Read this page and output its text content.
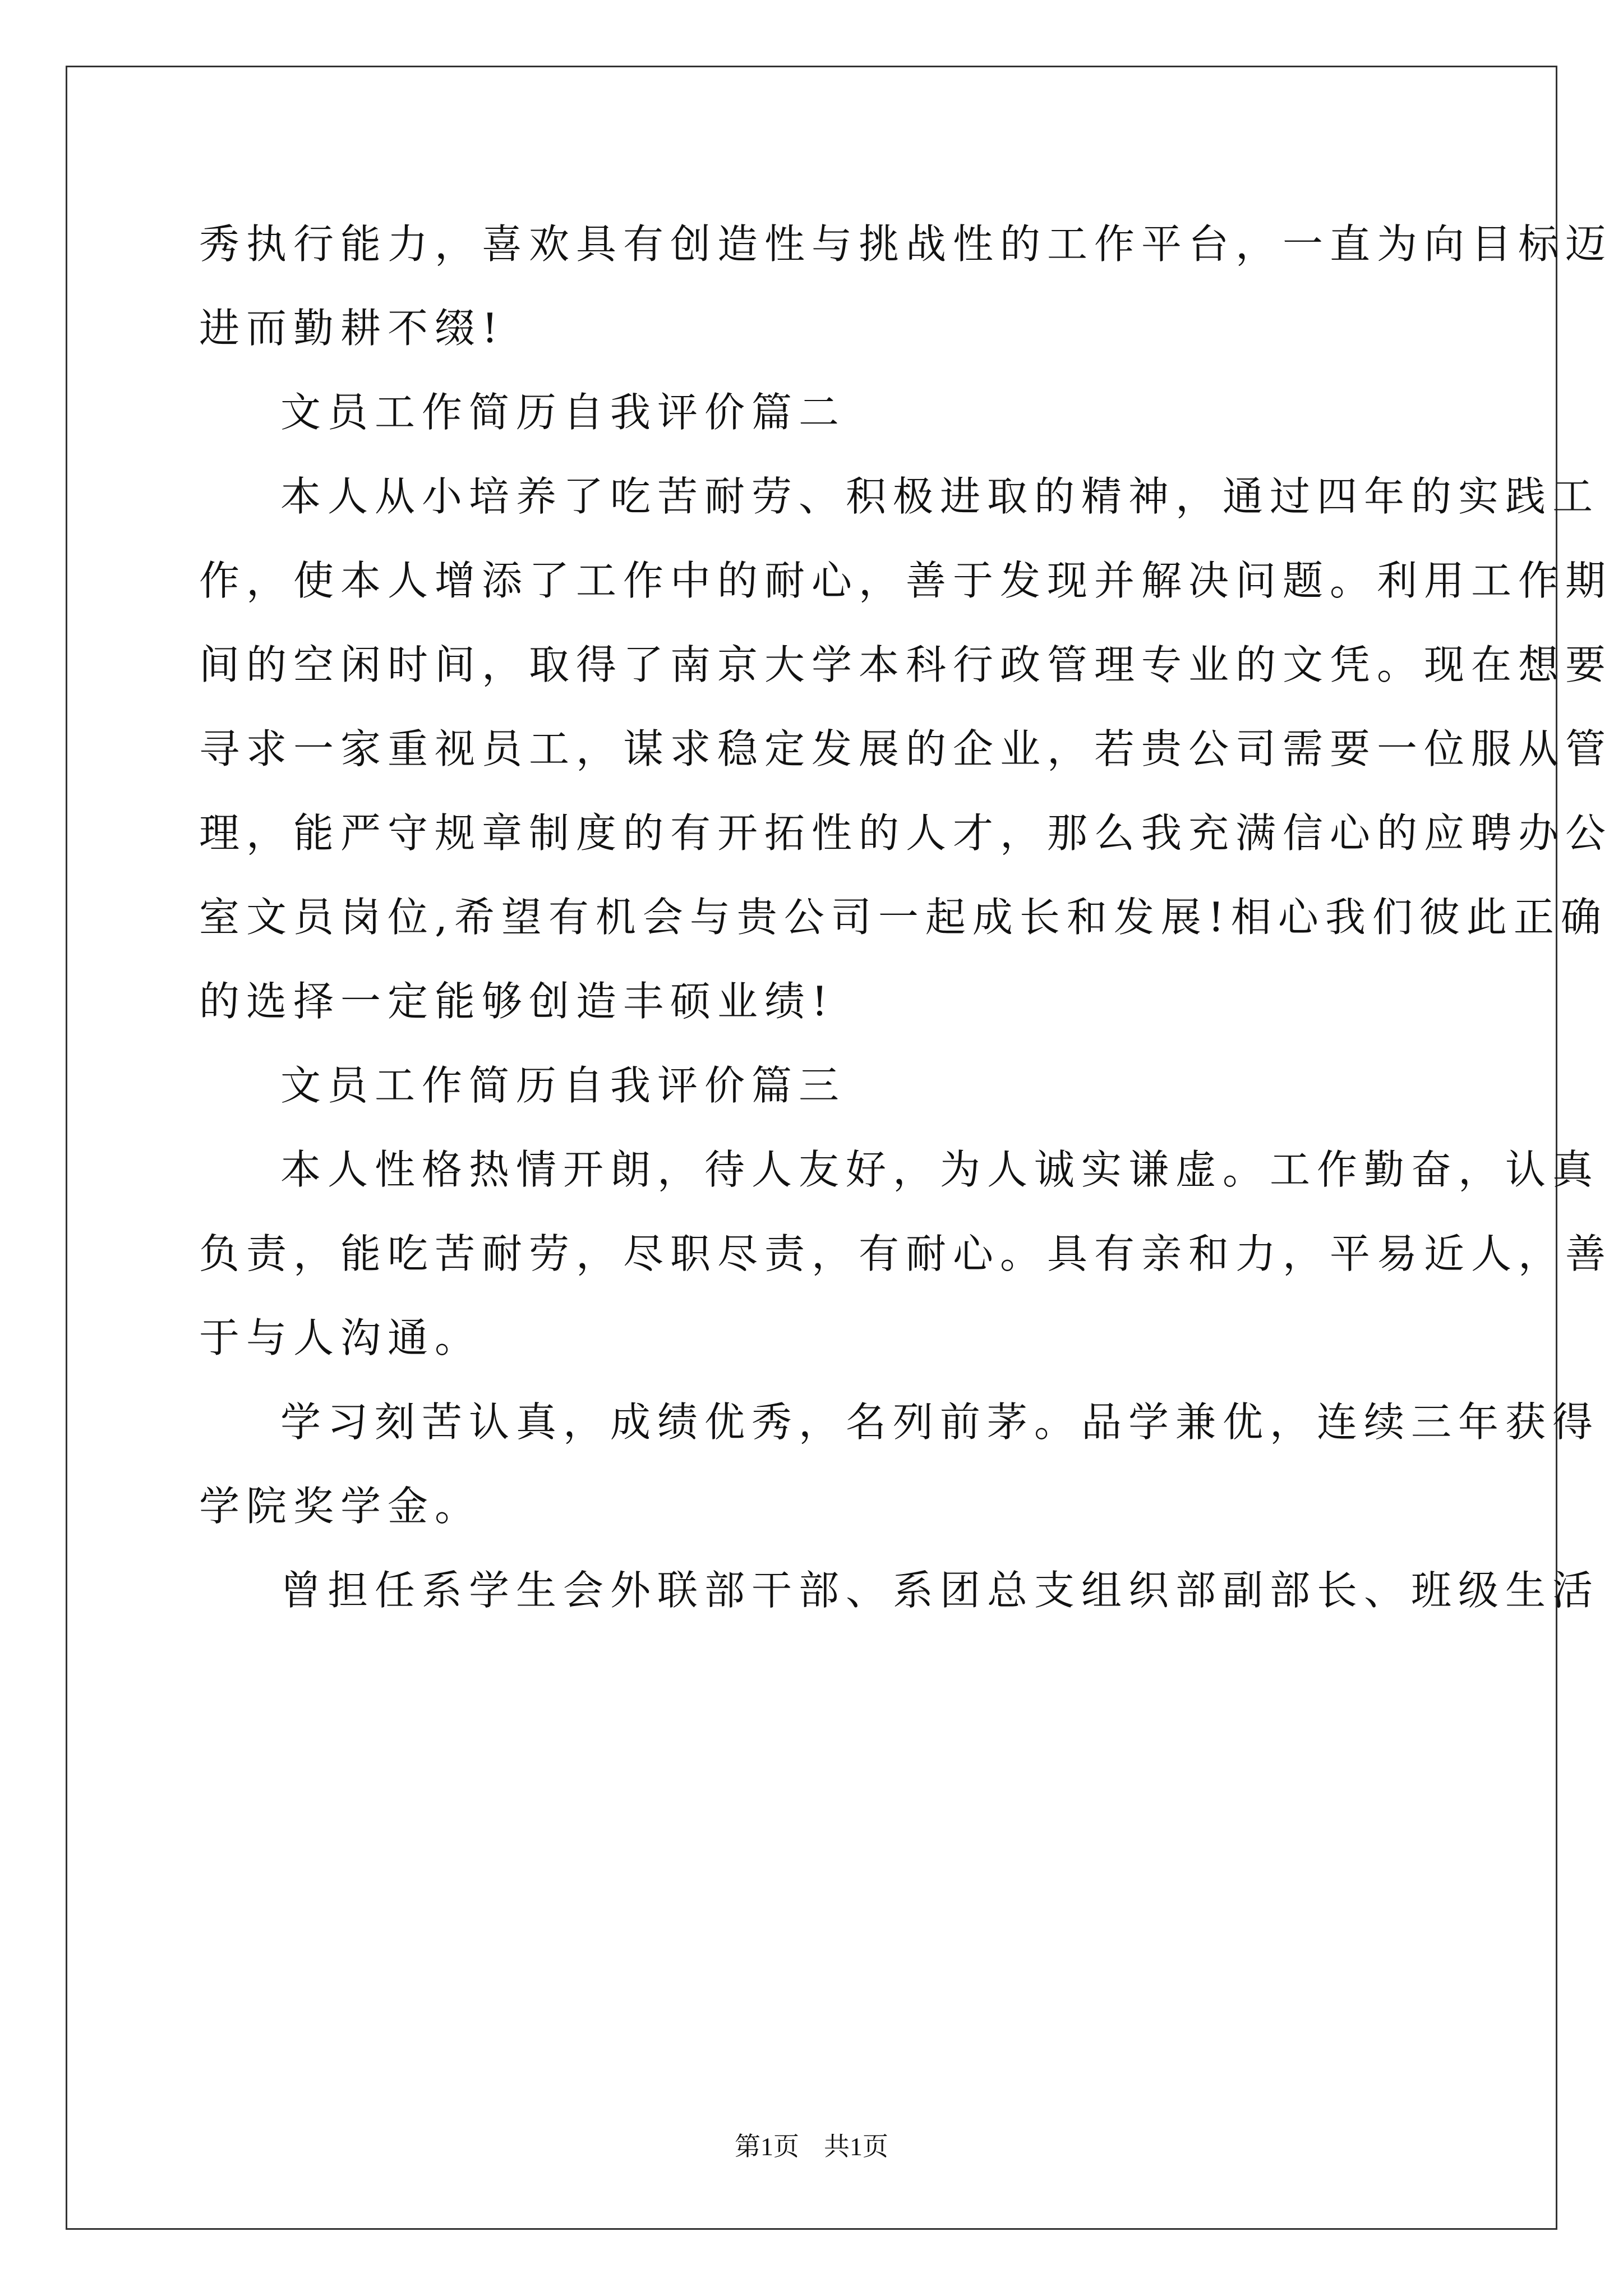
秀执行能力，喜欢具有创造性与挑战性的工作平台，一直为向目标迈

进而勤耕不缀!

文员工作简历自我评价篇二

本人从小培养了吃苦耐劳、积极进取的精神，通过四年的实践工

作，使本人增添了工作中的耐心，善于发现并解决问题。利用工作期

间的空闲时间，取得了南京大学本科行政管理专业的文凭。现在想要

寻求一家重视员工，谋求稳定发展的企业，若贵公司需要一位服从管

理，能严守规章制度的有开拓性的人才，那么我充满信心的应聘办公

室文员岗位,希望有机会与贵公司一起成长和发展!相心我们彼此正确

的选择一定能够创造丰硕业绩!

文员工作简历自我评价篇三

本人性格热情开朗，待人友好，为人诚实谦虚。工作勤奋，认真

负责，能吃苦耐劳，尽职尽责，有耐心。具有亲和力，平易近人，善

于与人沟通。

学习刻苦认真，成绩优秀，名列前茅。品学兼优，连续三年获得

学院奖学金。

曾担任系学生会外联部干部、系团总支组织部副部长、班级生活

第1页 共1页
